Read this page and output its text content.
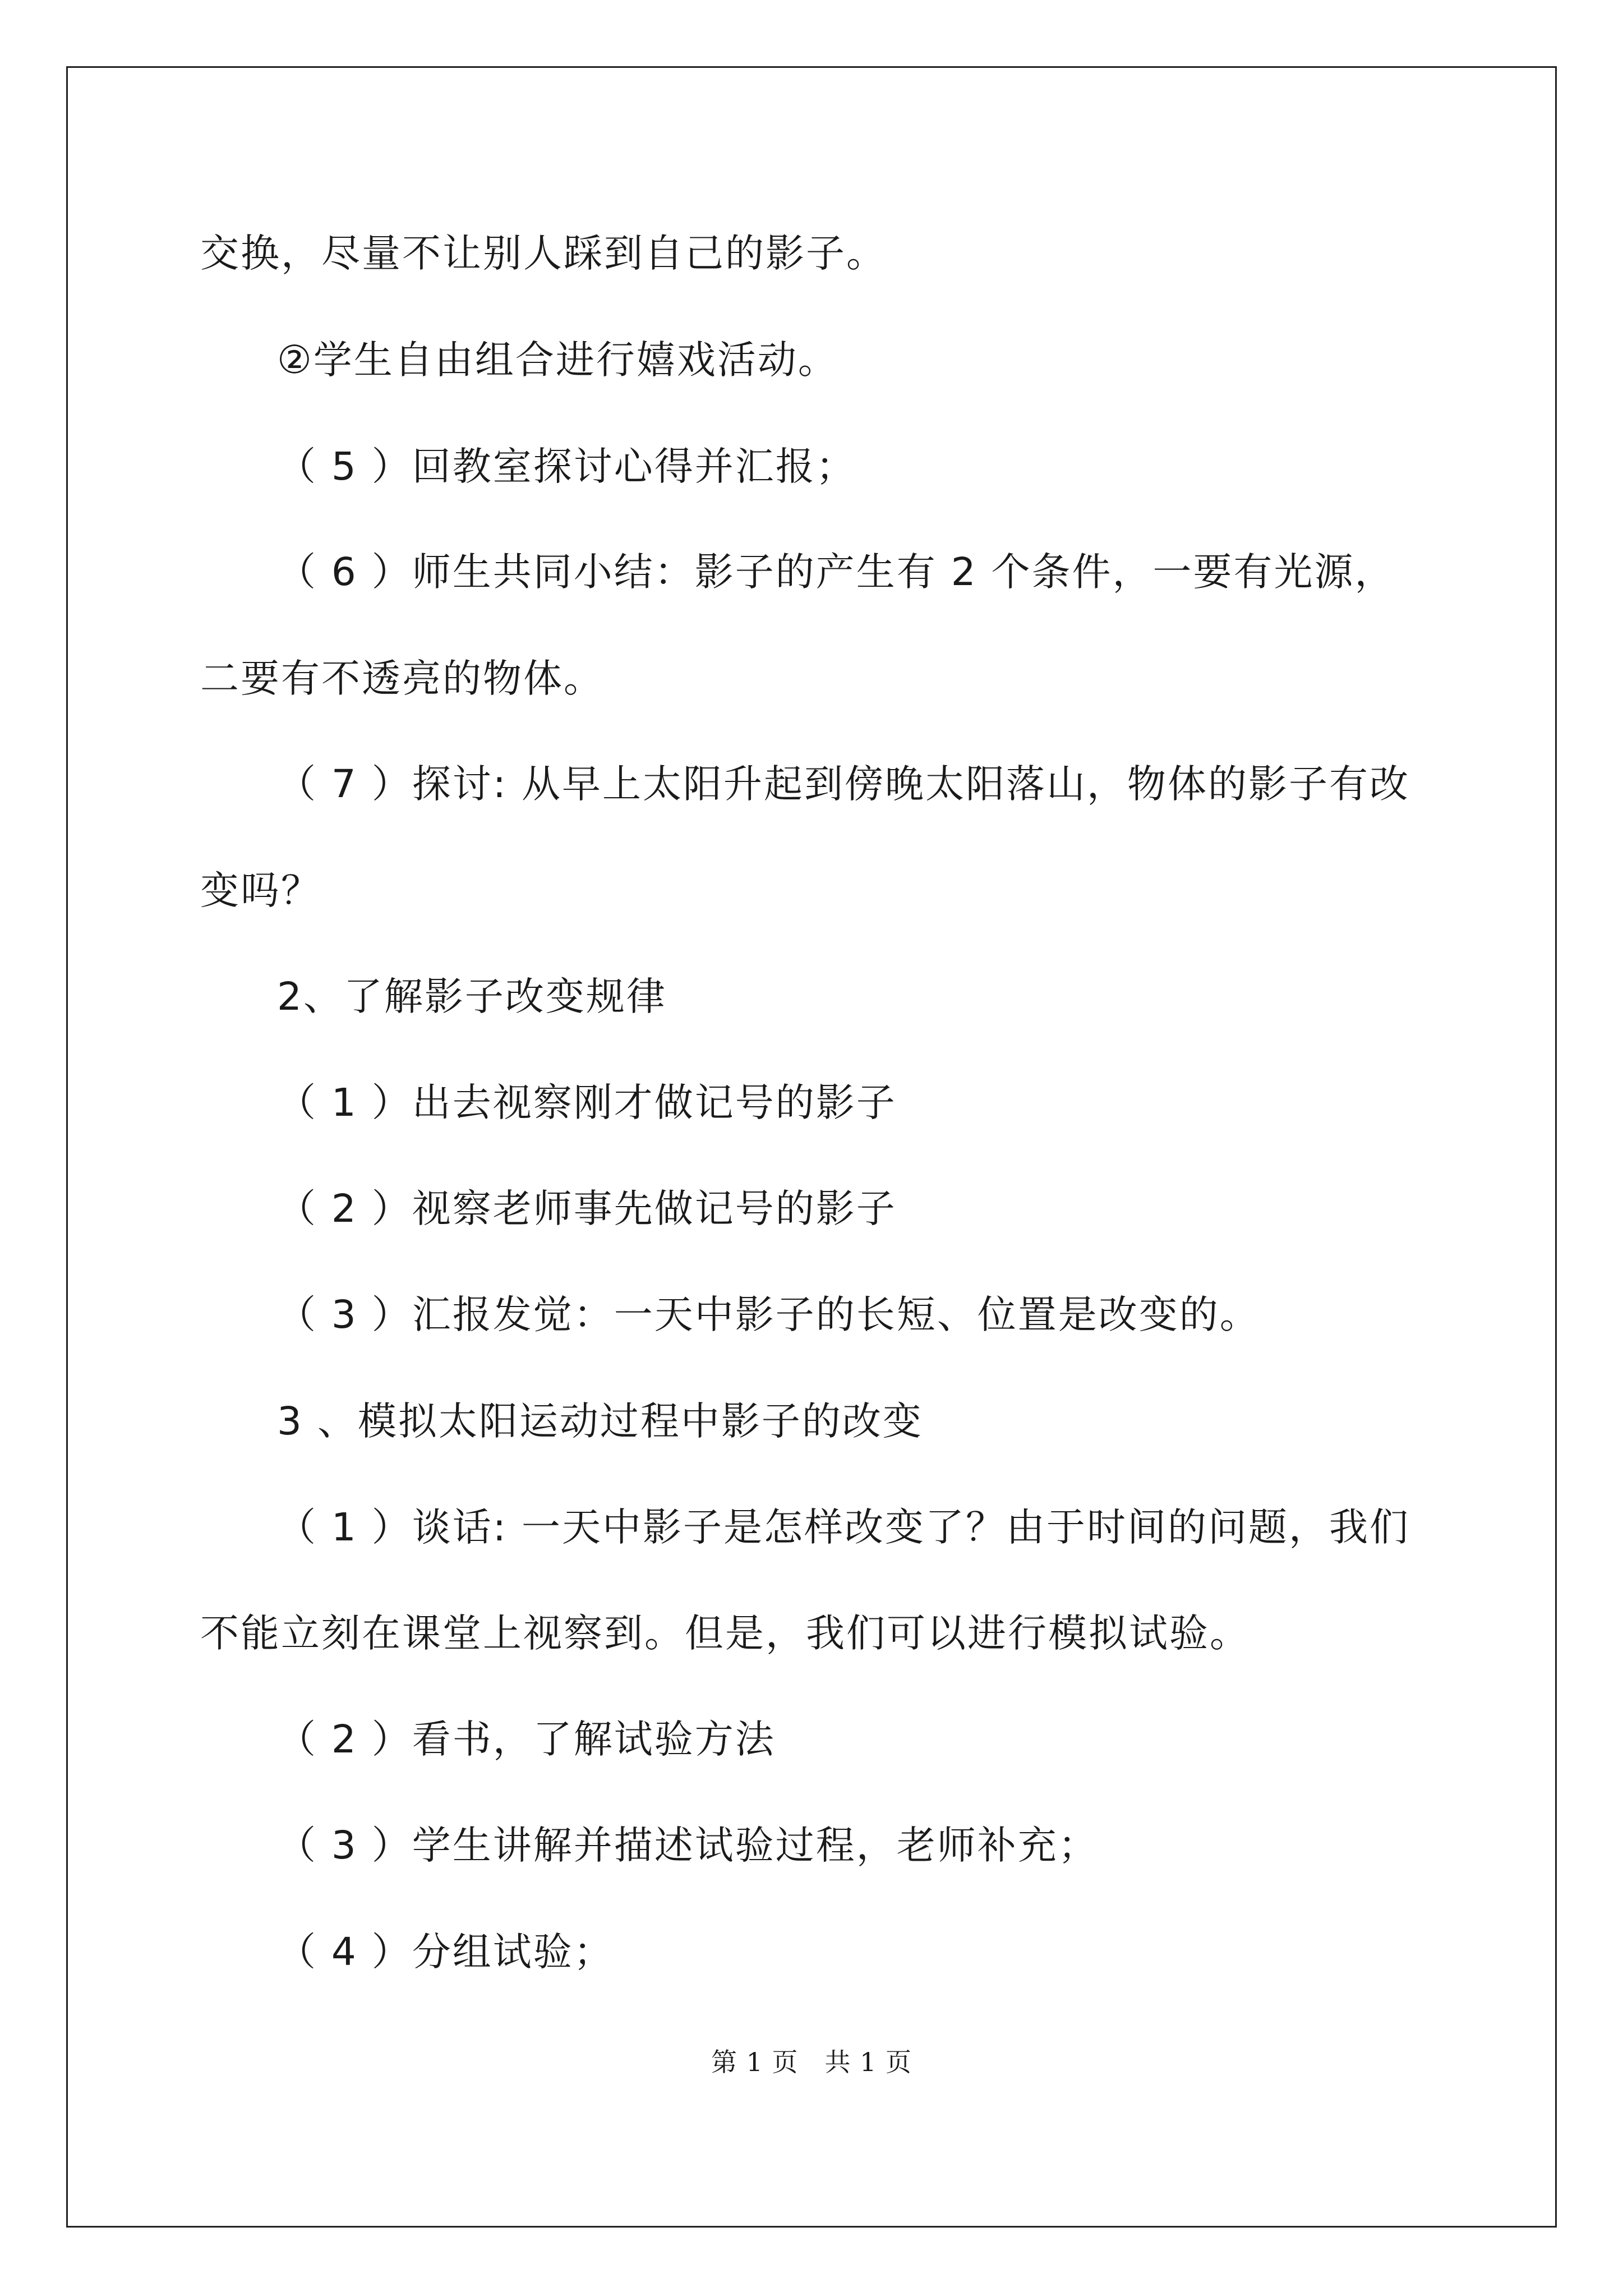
交换，尽量不让别人踩到自己的影子。
②学生自由组合进行嬉戏活动。
（ 5 ）回教室探讨心得并汇报；
（ 6 ）师生共同小结：影子的产生有 2 个条件，一要有光源，
二要有不透亮的物体。
（ 7 ）探讨: 从早上太阳升起到傍晚太阳落山，物体的影子有改
变吗？
2、了解影子改变规律
（ 1 ）出去视察刚才做记号的影子
（ 2 ）视察老师事先做记号的影子
（ 3 ）汇报发觉：一天中影子的长短、位置是改变的。
3 、模拟太阳运动过程中影子的改变
（ 1 ）谈话: 一天中影子是怎样改变了？由于时间的问题，我们
不能立刻在课堂上视察到。但是，我们可以进行模拟试验。
（ 2 ）看书，了解试验方法
（ 3 ）学生讲解并描述试验过程，老师补充；
（ 4 ）分组试验；
第 1 页　共 1 页
